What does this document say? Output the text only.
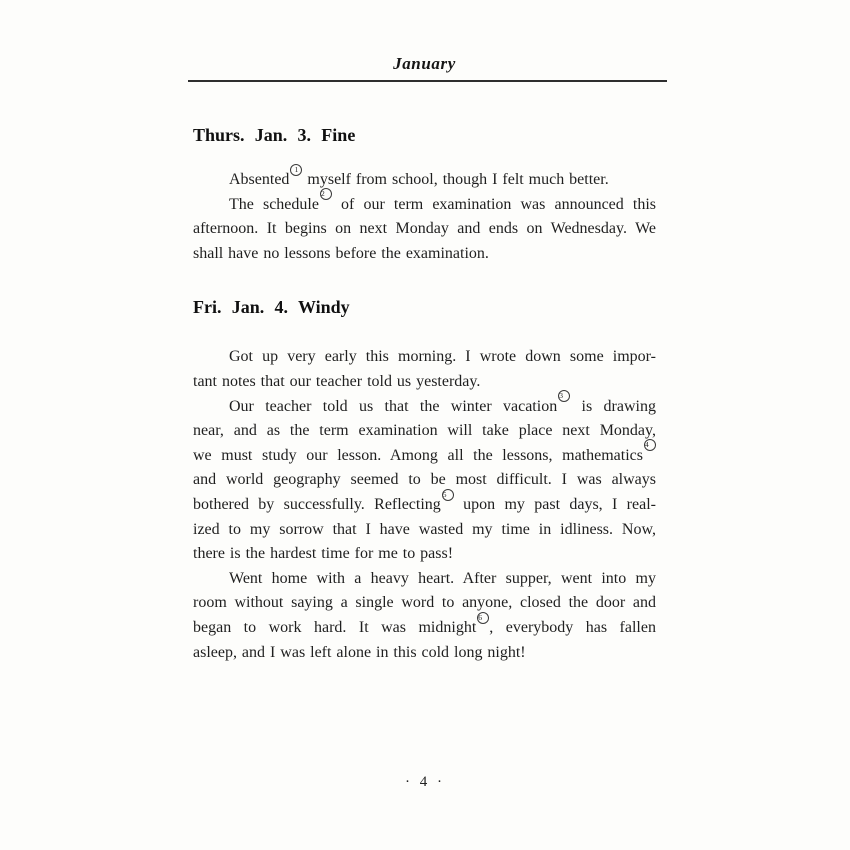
January
Thurs. Jan. 3. Fine

Absented$^1$ myself from school, though I felt much better.

The schedule$^2$ of our term examination was announced this
afternoon. It begins on next Monday and ends on Wednesday. We
shall have no lessons before the examination.

Fri. Jan. 4. Windy

Got up very early this morning. I wrote down some impor-
tant notes that our teacher told us yesterday.

Our teacher told us that the winter vacation$^3$ is drawing
near, and as the term examination will take place next Monday,
we must study our lesson. Among all the lessons, mathematics$^4$
and world geography seemed to be most difficult. I was always
bothered by successfully. Reflecting$^5$ upon my past days, I real-
ized to my sorrow that I have wasted my time in idliness. Now,
there is the hardest time for me to pass!

Went home with a heavy heart. After supper, went into my
room without saying a single word to anyone, closed the door and
began to work hard. It was midnight$^6$, everybody has fallen
asleep, and I was left alone in this cold long night!

· 4 ·
